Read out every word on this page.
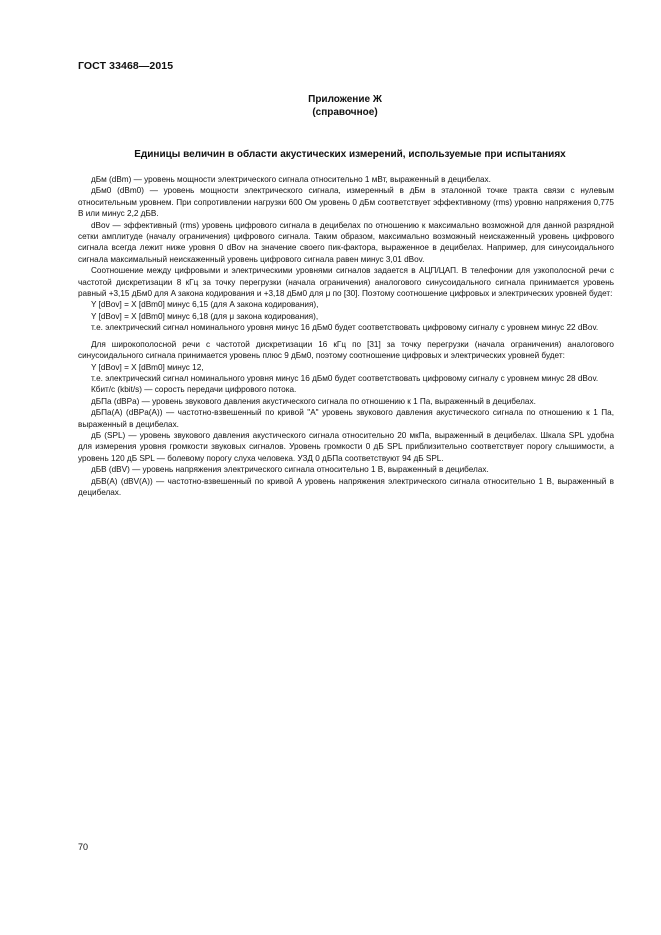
ГОСТ 33468—2015
Приложение Ж
(справочное)
Единицы величин в области акустических измерений, используемые при испытаниях

дБм (dBm) — уровень мощности электрического сигнала относительно 1 мВт, выраженный в децибелах.

дБм0 (dBm0) — уровень мощности электрического сигнала, измеренный в дБм в эталонной точке тракта связи с нулевым относительным уровнем. При сопротивлении нагрузки 600 Ом уровень 0 дБм соответствует эффективному (rms) уровню напряжения 0,775 В или минус 2,2 дБВ.

dBov — эффективный (rms) уровень цифрового сигнала в децибелах по отношению к максимально возможной для данной разрядной сетки амплитуде (началу ограничения) цифрового сигнала. Таким образом, максимально возможный неискаженный уровень цифрового сигнала всегда лежит ниже уровня 0 dBov на значение своего пик-фактора, выраженное в децибелах. Например, для синусоидального сигнала максимальный неискаженный уровень цифрового сигнала равен минус 3,01 dBov.

Соотношение между цифровыми и электрическими уровнями сигналов задается в АЦП/ЦАП. В телефонии для узкополосной речи с частотой дискретизации 8 кГц за точку перегрузки (начала ограничения) аналогового синусоидального сигнала принимается уровень равный +3,15 дБм0 для A закона кодирования и +3,18 дБм0 для μ по [30]. Поэтому соотношение цифровых и электрических уровней будет:

Y [dBov] = X [dBm0] минус 6,15 (для A закона кодирования),

Y [dBov] = X [dBm0] минус 6,18 (для μ закона кодирования),

т.е. электрический сигнал номинального уровня минус 16 дБм0 будет соответствовать цифровому сигналу с уровнем минус 22 dBov.

Для широкополосной речи с частотой дискретизации 16 кГц по [31] за точку перегрузки (начала ограничения) аналогового синусоидального сигнала принимается уровень плюс 9 дБм0, поэтому соотношение цифровых и электрических уровней будет:

Y [dBov] = X [dBm0] минус 12,

т.е. электрический сигнал номинального уровня минус 16 дБм0 будет соответствовать цифровому сигналу с уровнем минус 28 dBov.

Кбит/с (kbit/s) — сорость передачи цифрового потока.

дБПа (dBPa) — уровень звукового давления акустического сигнала по отношению к 1 Па, выраженный в децибелах.

дБПа(А) (dBPa(A)) — частотно-взвешенный по кривой "A" уровень звукового давления акустического сигнала по отношению к 1 Па, выраженный в децибелах.

дБ (SPL) — уровень звукового давления акустического сигнала относительно 20 мкПа, выраженный в децибелах. Шкала SPL удобна для измерения уровня громкости звуковых сигналов. Уровень громкости 0 дБ SPL приблизительно соответствует порогу слышимости, а уровень 120 дБ SPL — болевому порогу слуха человека. УЗД 0 дБПа соответствуют 94 дБ SPL.

дБВ (dBV) — уровень напряжения электрического сигнала относительно 1 В, выраженный в децибелах.

дБВ(A) (dBV(A)) — частотно-взвешенный по кривой A уровень напряжения электрического сигнала относительно 1 В, выраженный в децибелах.

70
